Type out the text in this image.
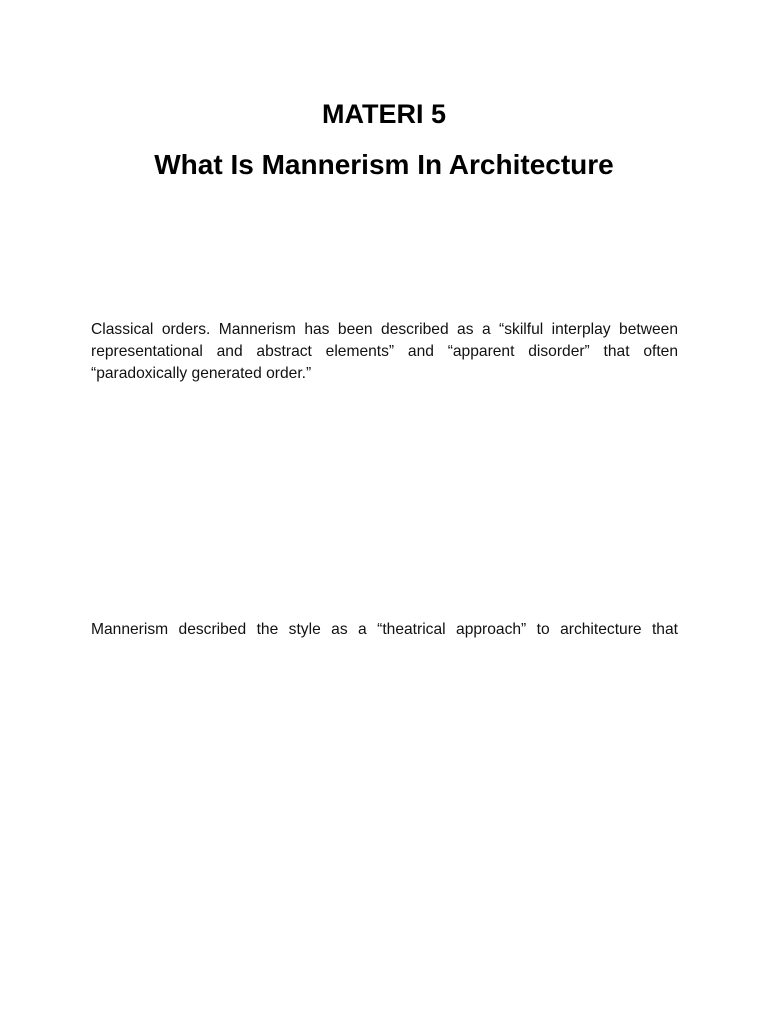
MATERI 5
What Is Mannerism In Architecture

Classical orders. Mannerism has been described as a “skilful interplay between representational and abstract elements” and “apparent disorder” that often “paradoxically generated order.”

Mannerism described the style as a “theatrical approach” to architecture that
